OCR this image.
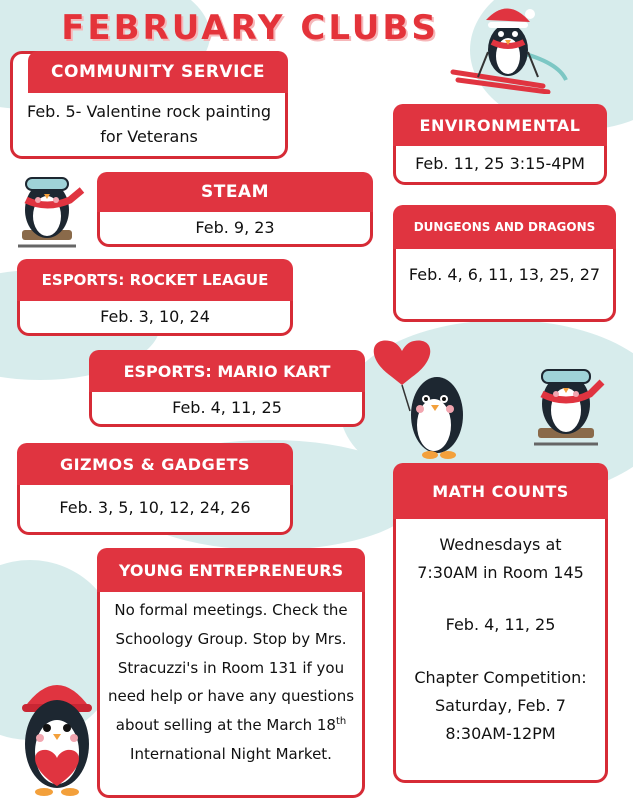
FEBRUARY CLUBS
COMMUNITY SERVICE
Feb. 5- Valentine rock painting
for Veterans
ENVIRONMENTAL
Feb. 11, 25 3:15-4PM
STEAM
Feb. 9, 23	DUNGEONS AND DRAGONS
Feb. 4, 6, 11, 13, 25, 27
ESPORTS: ROCKET LEAGUE
Feb. 3, 10, 24
ESPORTS: MARIO KART
Feb. 4, 11, 25
GIZMOS & GADGETS
Feb. 3, 5, 10, 12, 24, 26
MATH COUNTS
Wednesdays at
7:30AM in Room 145
Feb. 4, 11, 25
Chapter Competition:
Saturday, Feb. 7
8:30AM-12PM
YOUNG ENTREPRENEURS
No formal meetings. Check the Schoology Group. Stop by Mrs. Stracuzzi's in Room 131 if you need help or have any questions about selling at the March 18th International Night Market.
